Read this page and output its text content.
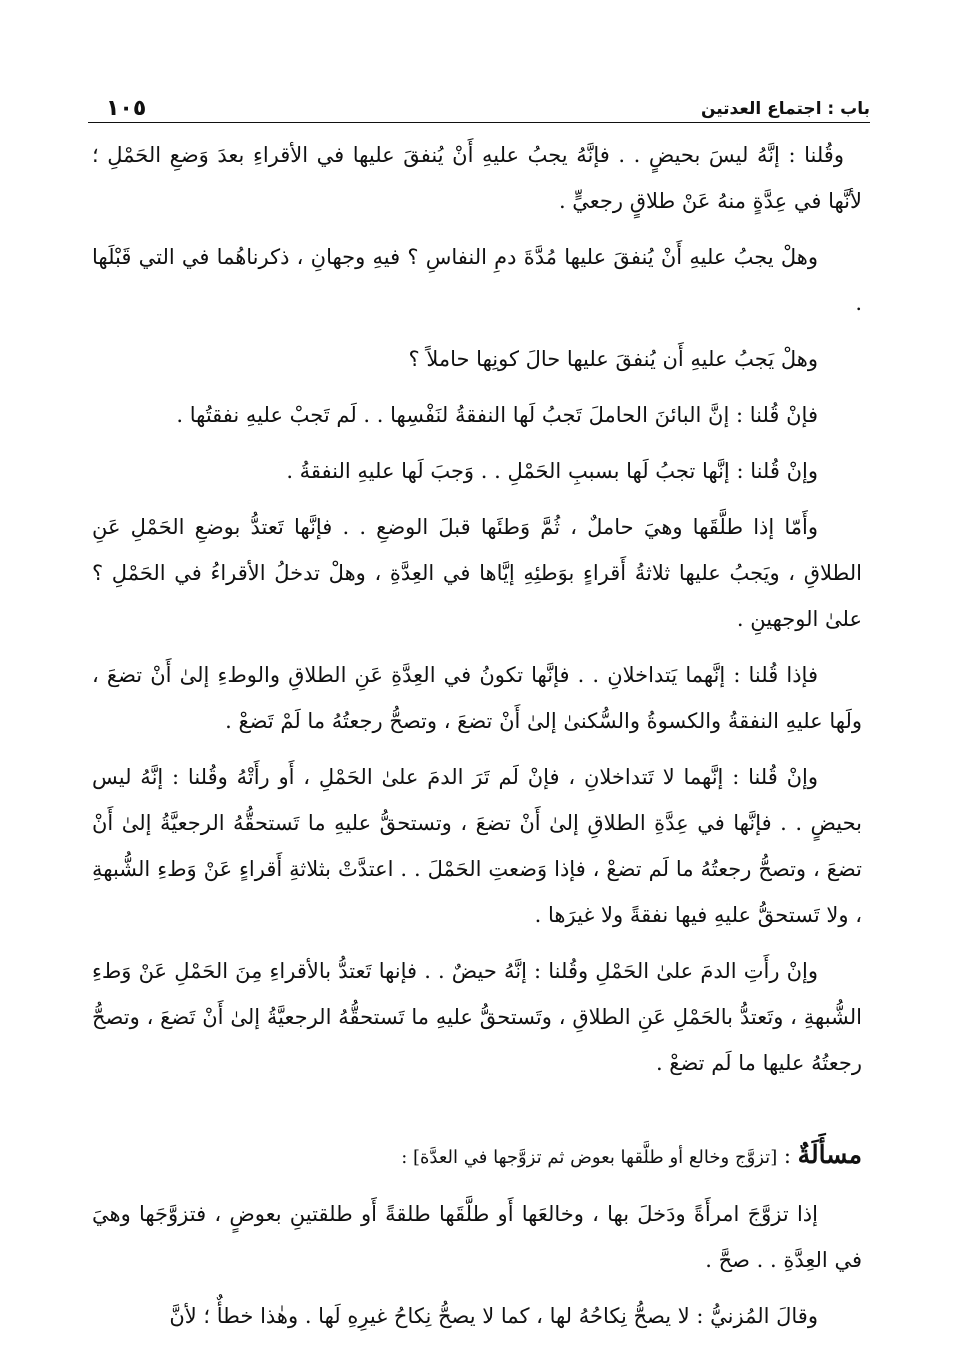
باب : اجتماع العدتين
١٠٥

وقُلنا : إنَّهُ ليسَ بحيضٍ . . فإنَّهُ يجبُ عليهِ أَنْ يُنفقَ عليها في الأقراءِ بعدَ وَضعِ الحَمْلِ ؛ لأنَّها في عِدَّةٍ منهُ عَنْ طلاقٍ رجعيٍّ .

وهلْ يجبُ عليهِ أَنْ يُنفقَ عليها مُدَّةَ دمِ النفاسِ ؟ فيهِ وجهانِ ، ذكرناهُما في التي قَبْلَها .

وهلْ يَجبُ عليهِ أَن يُنفقَ عليها حالَ كونِها حاملاً ؟

فإنْ قُلنا : إنَّ البائنَ الحاملَ تَجبُ لَها النفقةُ لنَفْسِها . . لَم تَجبْ عليهِ نفقتُها .

وإنْ قُلنا : إنَّها تجبُ لَها بسببِ الحَمْلِ . . وَجبَ لَها عليهِ النفقةُ .

وأَمّا إذا طلَّقَها وهيَ حاملٌ ، ثُمَّ وَطئَها قبلَ الوضعِ . . فإنَّها تَعتدُّ بوضعِ الحَمْلِ عَنِ الطلاقِ ، ويَجبُ عليها ثلاثةُ أَقراءٍ بوَطئِهِ إيَّاها في العِدَّةِ ، وهلْ تدخلُ الأقراءُ في الحَمْلِ ؟ علىٰ الوجهينِ .

فإذا قُلنا : إنَّهما يَتداخلانِ . . فإنَّها تكونُ في العِدَّةِ عَنِ الطلاقِ والوطءِ إلىٰ أَنْ تضعَ ، ولَها عليهِ النفقةُ والكسوةُ والسُّكنىٰ إلىٰ أَنْ تضعَ ، وتصحُّ رجعتُهُ ما لَمْ تَضعْ .

وإنْ قُلنا : إنَّهما لا تَتداخلانِ ، فإنْ لَم تَرَ الدمَ علىٰ الحَمْلِ ، أَو رأَتْهُ وقُلنا : إنَّهُ ليس بحيضٍ . . فإنَّها في عِدَّةِ الطلاقِ إلىٰ أَنْ تضعَ ، وتستحقُّ عليهِ ما تَستحقُّهُ الرجعيَّةُ إلىٰ أَنْ تضعَ ، وتصحُّ رجعتُهُ ما لَم تضعْ ، فإذا وَضعتِ الحَمْلَ . . اعتدَّتْ بثلاثةِ أَقراءٍ عَنْ وَطءِ الشُّبهةِ ، ولا تَستحقُّ عليهِ فيها نفقةً ولا غيرَها .

وإنْ رأَتِ الدمَ علىٰ الحَمْلِ وقُلنا : إنَّهُ حيضٌ . . فإنها تَعتدُّ بالأقراءِ مِنَ الحَمْلِ عَنْ وَطءِ الشُّبهةِ ، وتَعتدُّ بالحَمْلِ عَنِ الطلاقِ ، وتَستحقُّ عليهِ ما تَستحقُّهُ الرجعيَّةُ إلىٰ أَنْ تَضعَ ، وتصحُّ رجعتُهُ عليها ما لَم تضعْ .

مسأَلَةٌ : [تزوَّج وخالع أو طلَّقها بعوض ثم تزوَّجها في العدَّة] :

إذا تزوَّجَ امرأَةً ودَخلَ بها ، وخالعَها أَو طلَّقَها طلقةً أَو طلقتينِ بعوضٍ ، فتزوَّجَها وهيَ في العِدَّةِ . . صحَّ .

وقالَ المُزنيُّ : لا يصحُّ نِكاحُهُ لها ، كما لا يصحُّ نِكاحُ غيرِهِ لَها . وهٰذا خطأٌ ؛ لأنَّ
